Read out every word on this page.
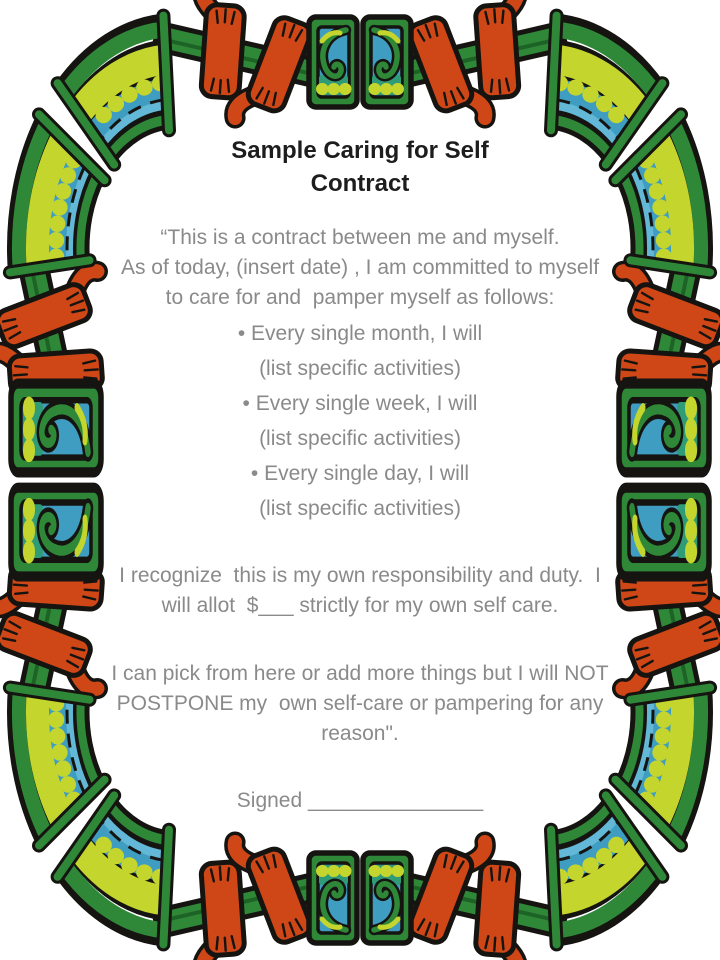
Sample Caring for Self
Contract
“This is a contract between me and myself.
As of today, (insert date) , I am committed to myself
to care for and  pamper myself as follows:
• Every single month, I will
(list specific activities)
• Every single week, I will
(list specific activities)
• Every single day, I will
(list specific activities)
I recognize  this is my own responsibility and duty.  I
will allot  $___ strictly for my own self care.
I can pick from here or add more things but I will NOT
POSTPONE my  own self-care or pampering for any
reason".
Signed _______________
